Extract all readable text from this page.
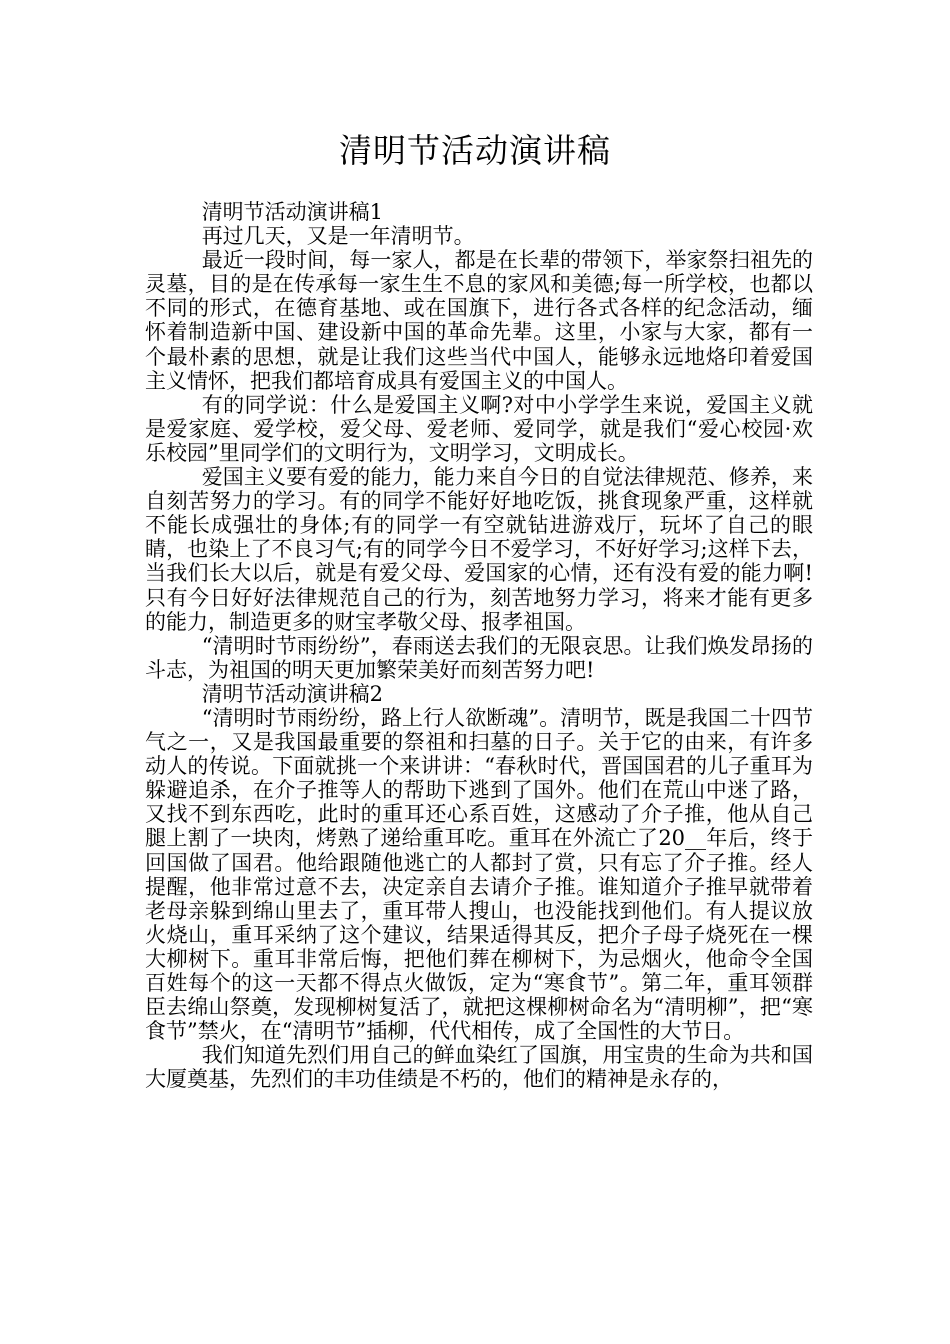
清明节活动演讲稿

清明节活动演讲稿1

再过几天，又是一年清明节。

最近一段时间，每一家人，都是在长辈的带领下，举家祭扫祖先的灵墓，目的是在传承每一家生生不息的家风和美德;每一所学校，也都以不同的形式，在德育基地、或在国旗下，进行各式各样的纪念活动，缅怀着制造新中国、建设新中国的革命先辈。这里，小家与大家，都有一个最朴素的思想，就是让我们这些当代中国人，能够永远地烙印着爱国主义情怀，把我们都培育成具有爱国主义的中国人。

有的同学说：什么是爱国主义啊?对中小学学生来说，爱国主义就是爱家庭、爱学校，爱父母、爱老师、爱同学，就是我们“爱心校园·欢乐校园”里同学们的文明行为，文明学习，文明成长。

爱国主义要有爱的能力，能力来自今日的自觉法律规范、修养，来自刻苦努力的学习。有的同学不能好好地吃饭，挑食现象严重，这样就不能长成强壮的身体;有的同学一有空就钻进游戏厅，玩坏了自己的眼睛，也染上了不良习气;有的同学今日不爱学习，不好好学习;这样下去，当我们长大以后，就是有爱父母、爱国家的心情，还有没有爱的能力啊!只有今日好好法律规范自己的行为，刻苦地努力学习，将来才能有更多的能力，制造更多的财宝孝敬父母、报孝祖国。

“清明时节雨纷纷”，春雨送去我们的无限哀思。让我们焕发昂扬的斗志，为祖国的明天更加繁荣美好而刻苦努力吧!

清明节活动演讲稿2

“清明时节雨纷纷，路上行人欲断魂”。清明节，既是我国二十四节气之一，又是我国最重要的祭祖和扫墓的日子。关于它的由来，有许多动人的传说。下面就挑一个来讲讲：“春秋时代，晋国国君的儿子重耳为躲避追杀，在介子推等人的帮助下逃到了国外。他们在荒山中迷了路，又找不到东西吃，此时的重耳还心系百姓，这感动了介子推，他从自己腿上割了一块肉，烤熟了递给重耳吃。重耳在外流亡了20__年后，终于回国做了国君。他给跟随他逃亡的人都封了赏，只有忘了介子推。经人提醒，他非常过意不去，决定亲自去请介子推。谁知道介子推早就带着老母亲躲到绵山里去了，重耳带人搜山，也没能找到他们。有人提议放火烧山，重耳采纳了这个建议，结果适得其反，把介子母子烧死在一棵大柳树下。重耳非常后悔，把他们葬在柳树下，为忌烟火，他命令全国百姓每个的这一天都不得点火做饭，定为“寒食节”。第二年，重耳领群臣去绵山祭奠，发现柳树复活了，就把这棵柳树命名为“清明柳”，把“寒食节”禁火，在“清明节”插柳，代代相传，成了全国性的大节日。

我们知道先烈们用自己的鲜血染红了国旗，用宝贵的生命为共和国大厦奠基，先烈们的丰功佳绩是不朽的，他们的精神是永存的，
